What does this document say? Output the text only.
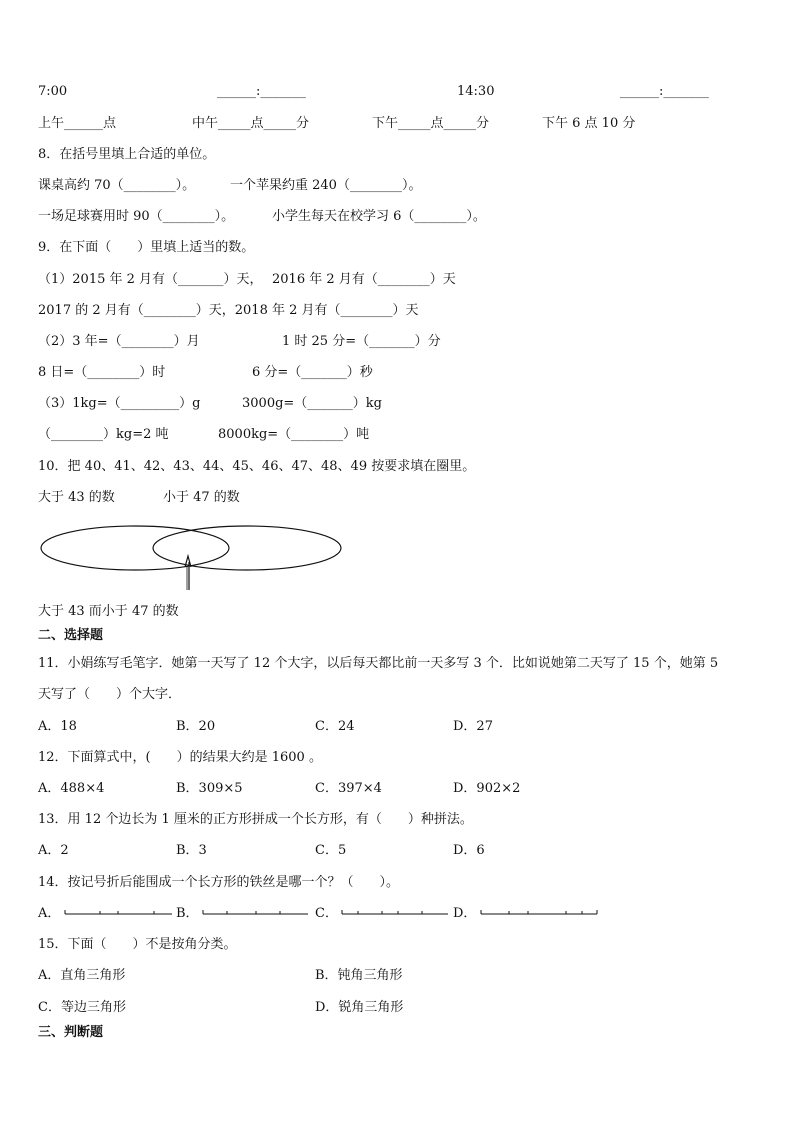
7:00	______:_______	14:30	______:_______
上午______点	中午_____点_____分	下午_____点_____分	下午 6 点 10 分
8．在括号里填上合适的单位。
课桌高约 70（________）。	一个苹果约重 240（________）。
一场足球赛用时 90（________）。	小学生每天在校学习 6（________）。
9．在下面（　　）里填上适当的数。
（1）2015 年 2 月有（_______）天， 2016 年 2 月有（________）天
2017 的 2 月有（________）天，2018 年 2 月有（________）天
（2）3 年=（________）月	1 时 25 分=（_______）分
8 日=（________）时	6 分=（_______）秒
（3）1kg=（_________）g	3000g=（_______）kg
（________）kg=2 吨	8000kg=（________）吨
10．把 40、41、42、43、44、45、46、47、48、49 按要求填在圈里。
大于 43 的数	小于 47 的数
大于 43 而小于 47 的数
二、选择题
11．小娟练写毛笔字．她第一天写了 12 个大字，以后每天都比前一天多写 3 个．比如说她第二天写了 15 个，她第 5
天写了（　　）个大字．
A．18	B．20	C．24	D．27
12．下面算式中，(　　）的结果大约是 1600 。
A．488×4	B．309×5	C．397×4	D．902×2
13．用 12 个边长为 1 厘米的正方形拼成一个长方形，有（　　）种拼法。
A．2	B．3	C．5	D．6
14．按记号折后能围成一个长方形的铁丝是哪一个？（　　）。
A．	B．	C．	D．
15．下面（　　）不是按角分类。
A．直角三角形	B．钝角三角形
C．等边三角形	D．锐角三角形
三、判断题
